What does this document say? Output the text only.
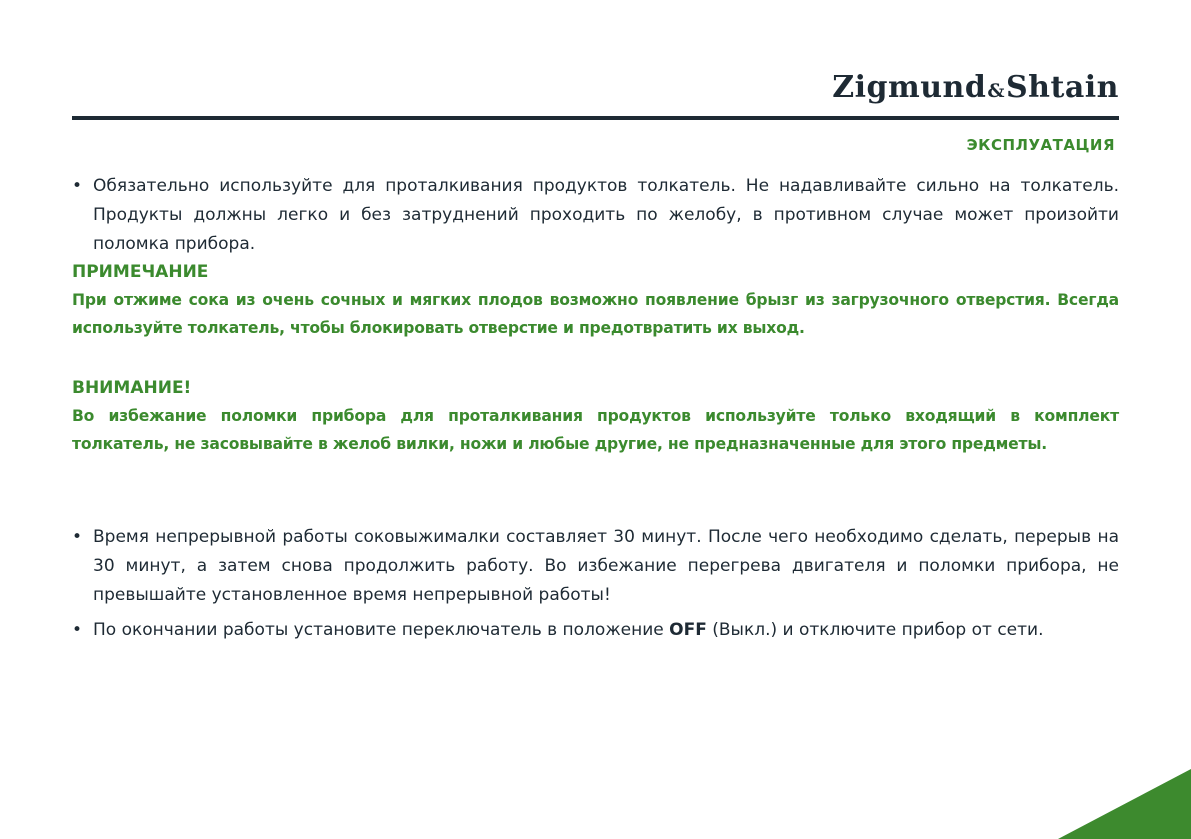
Zigmund&Shtain
ЭКСПЛУАТАЦИЯ
• Обязательно используйте для проталкивания продуктов толкатель. Не надавливайте сильно на толкатель. Продукты должны легко и без затруднений проходить по желобу, в противном случае может произойти поломка прибора.
ПРИМЕЧАНИЕ
При отжиме сока из очень сочных и мягких плодов возможно появление брызг из загрузочного отверстия. Всегда используйте толкатель, чтобы блокировать отверстие и предотвратить их выход.
ВНИМАНИЕ!
Во избежание поломки прибора для проталкивания продуктов используйте только входящий в комплект толкатель, не засовывайте в желоб вилки, ножи и любые другие, не предназначенные для этого предметы.
• Время непрерывной работы соковыжималки составляет 30 минут. После чего необходимо сделать, перерыв на 30 минут, а затем снова продолжить работу. Во избежание перегрева двигателя и поломки прибора, не превышайте установленное время непрерывной работы!
• По окончании работы установите переключатель в положение OFF (Выкл.) и отключите прибор от сети.
